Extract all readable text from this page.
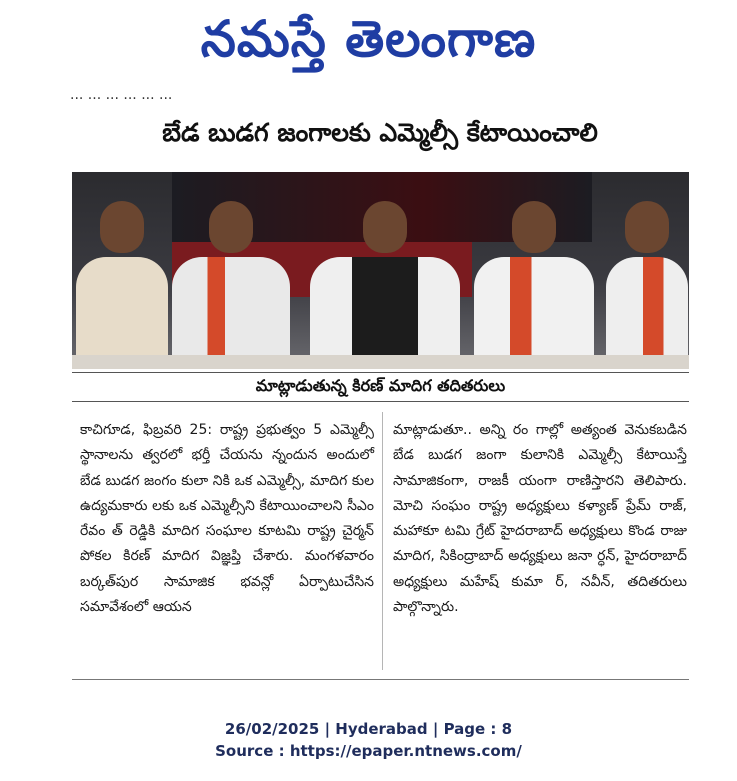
నమస్తే తెలంగాణ
... ... ... ... ... ...
బేడ బుడగ జంగాలకు ఎమ్మెల్సీ కేటాయించాలి
మాట్లాడుతున్న కిరణ్ మాదిగ తదితరులు
కాచిగూడ, ఫిబ్రవరి 25: రాష్ట్ర ప్రభుత్వం 5 ఎమ్మెల్సీ స్థానాలను త్వరలో భర్తీ చేయను న్నందున అందులో బేడ బుడగ జంగం కులా నికి ఒక ఎమ్మెల్సీ, మాదిగ కుల ఉద్యమకారు లకు ఒక ఎమ్మెల్సీని కేటాయించాలని సీఎం రేవం త్ రెడ్డికి మాదిగ సంఘాల కూటమి రాష్ట్ర చైర్మన్ పోకల కిరణ్ మాదిగ విజ్ఞప్తి చేశారు. మంగళవారం బర్కత్‌పుర సామాజిక భవన్లో ఏర్పాటుచేసిన సమావేశంలో ఆయన
మాట్లాడుతూ.. అన్ని రం గాల్లో అత్యంత వెనుకబడిన బేడ బుడగ జంగా కులానికి ఎమ్మెల్సీ కేటాయిస్తే సామాజికంగా, రాజకీ యంగా రాణిస్తారని తెలిపారు. మోచి సంఘం రాష్ట్ర అధ్యక్షులు కళ్యాణ్ ప్రేమ్ రాజ్, మహాకూ టమి గ్రేట్ హైదరాబాద్ అధ్యక్షులు కొండ రాజు మాదిగ, సికింద్రాబాద్ అధ్యక్షులు జనా ర్ధన్, హైదరాబాద్ అధ్యక్షులు మహేష్ కుమా ర్, నవీన్, తదితరులు పాల్గొన్నారు.
26/02/2025 | Hyderabad | Page : 8
Source : https://epaper.ntnews.com/
